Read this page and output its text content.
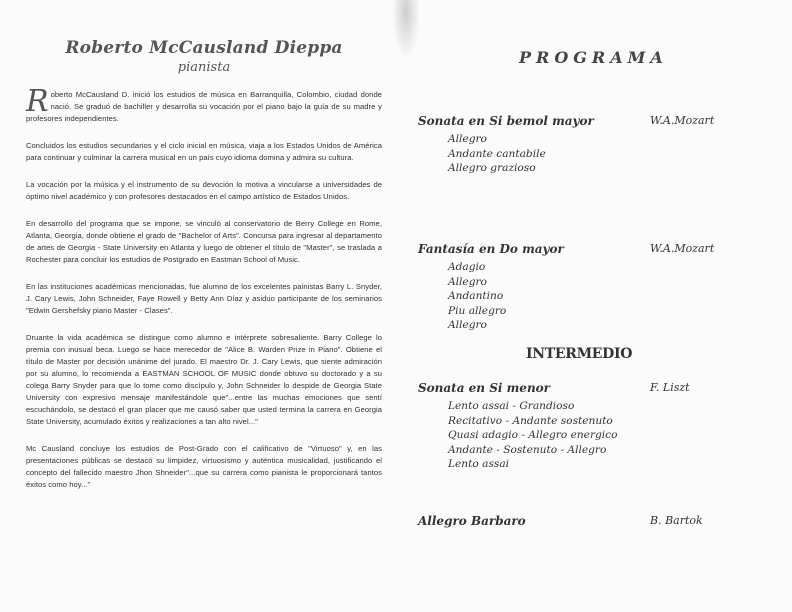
Roberto McCausland Dieppa
pianista

Roberto McCausland D. inició los estudios de música en Barranquilla, Colombio, ciudad donde nació. Se graduó de bachiller y desarrolla su vocación por el piano bajo la guía de su madre y profesores independientes.

Concluidos los estudios secundarios y el ciclo inicial en música, viaja a los Estados Unidos de América para continuar y culminar la carrera musical en un país cuyo idioma domina y admira su cultura.

La vocación por la música y el instrumento de su devoción lo motiva a vincularse a universidades de óptimo nivel académico y con profesores destacados en el campo artístico de Estados Unidos.

En desarrollo del programa que se impone, se vinculó al conservatorio de Berry College en Rome, Atlanta, Georgia, donde obtiene el grado de "Bachelor of Arts". Concursa para ingresar al departamento de artes de Georgia - State University en Atlanta y luego de obtener el título de "Master", se traslada a Rochester para concluir los estudios de Postgrado en Eastman School of Music.

En las instituciones académicas mencionadas, fue alumno de los excelentes painistas Barry L. Snyder, J. Cary Lewis, John Schneider, Faye Rowell y Betty Ann Díaz y asiduo participante de los seminarios "Edwin Gershefsky piano Master - Clases".

Druante la vida académica se distingue como alumno e intérprete sobresaliente. Barry College lo premia con inusual beca. Luego se hace merecedor de "Alice B. Warden Prize in Piano". Obtiene el título de Master por decisión unánime del jurado. El maestro Dr. J. Cary Lewis, que siente admiración por su alumno, lo recomienda a EASTMAN SCHOOL OF MUSIC donde obtuvo su doctorado y a su colega Barry Snyder para que lo tome como discípulo y, John Schneider lo despide de Georgia State University con expresivo mensaje manifestándole que"...entre las muchas emociones que sentí escuchándolo, se destacó el gran placer que me causó saber que usted termina la carrera en Georgia State University, acumulado éxitos y realizaciones a tan alto nivel..."

Mc Causland concluye los estudios de Post-Grado con el calificativo de "Virtuoso" y, en las presentaciones públicas se destacó su limpidez, virtuosismo y auténtica musicalidad, justificando el concepto del fallecido maestro Jhon Shneider"...que su carrera como pianista le proporcionará tantos éxitos como hoy..."

PROGRAMA
Sonata en Si bemol mayor	W.A.Mozart
Allegro
Andante cantabile
Allegro grazioso
Fantasía en Do mayor	W.A.Mozart
Adagio
Allegro
Andantino
Piu allegro
Allegro
INTERMEDIO
Sonata en Si menor	F. Liszt
Lento assai - Grandioso
Recitativo - Andante sostenuto
Quasi adagio - Allegro energico
Andante - Sostenuto - Allegro
Lento assai
Allegro Barbaro	B. Bartok
